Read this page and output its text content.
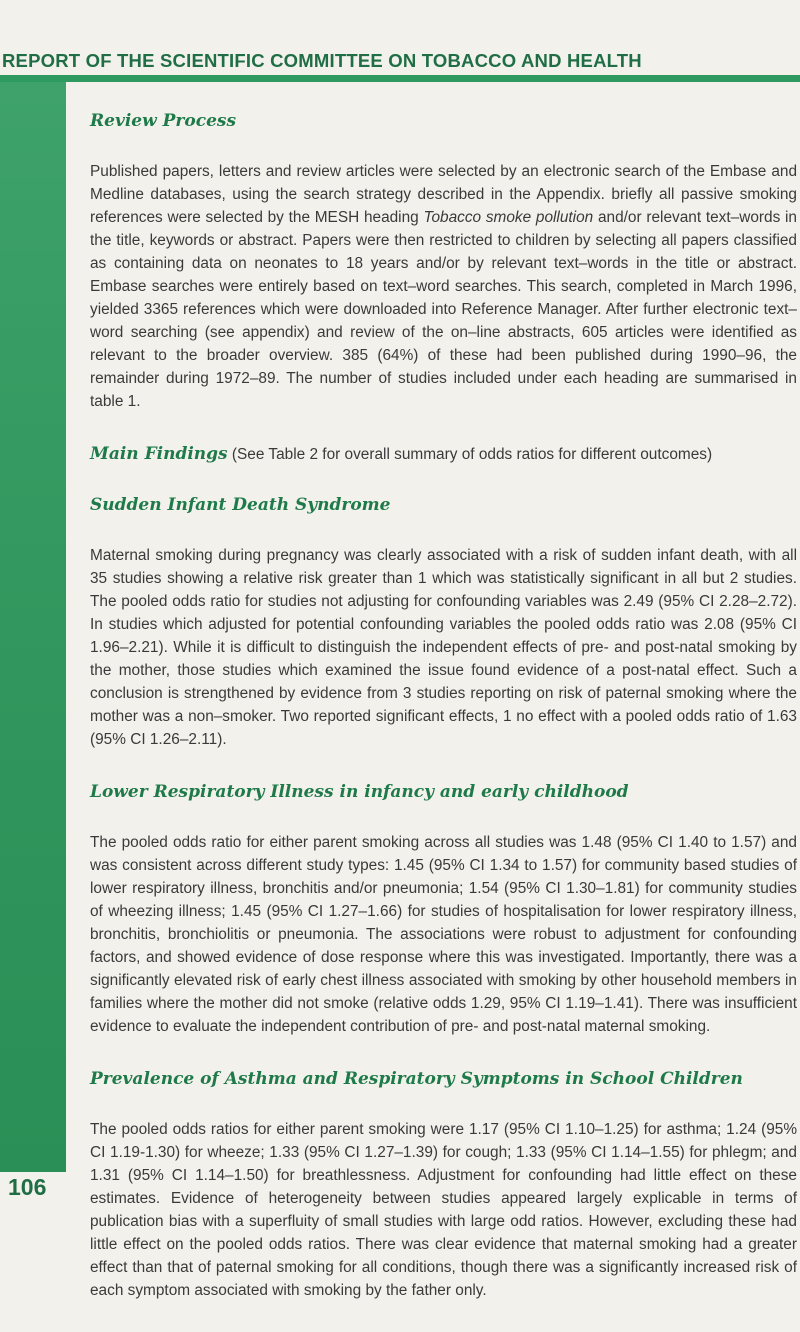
REPORT OF THE SCIENTIFIC COMMITTEE ON TOBACCO AND HEALTH
Review Process

Published papers, letters and review articles were selected by an electronic search of the Embase and Medline databases, using the search strategy described in the Appendix. briefly all passive smoking references were selected by the MESH heading Tobacco smoke pollution and/or relevant text–words in the title, keywords or abstract. Papers were then restricted to children by selecting all papers classified as containing data on neonates to 18 years and/or by relevant text–words in the title or abstract. Embase searches were entirely based on text–word searches. This search, completed in March 1996, yielded 3365 references which were downloaded into Reference Manager. After further electronic text–word searching (see appendix) and review of the on–line abstracts, 605 articles were identified as relevant to the broader overview. 385 (64%) of these had been published during 1990–96, the remainder during 1972–89. The number of studies included under each heading are summarised in table 1.

Main Findings (See Table 2 for overall summary of odds ratios for different outcomes)
Sudden Infant Death Syndrome

Maternal smoking during pregnancy was clearly associated with a risk of sudden infant death, with all 35 studies showing a relative risk greater than 1 which was statistically significant in all but 2 studies. The pooled odds ratio for studies not adjusting for confounding variables was 2.49 (95% CI 2.28–2.72). In studies which adjusted for potential confounding variables the pooled odds ratio was 2.08 (95% CI 1.96–2.21). While it is difficult to distinguish the independent effects of pre- and post-natal smoking by the mother, those studies which examined the issue found evidence of a post-natal effect. Such a conclusion is strengthened by evidence from 3 studies reporting on risk of paternal smoking where the mother was a non–smoker. Two reported significant effects, 1 no effect with a pooled odds ratio of 1.63 (95% CI 1.26–2.11).

Lower Respiratory Illness in infancy and early childhood

The pooled odds ratio for either parent smoking across all studies was 1.48 (95% CI 1.40 to 1.57) and was consistent across different study types: 1.45 (95% CI 1.34 to 1.57) for community based studies of lower respiratory illness, bronchitis and/or pneumonia; 1.54 (95% CI 1.30–1.81) for community studies of wheezing illness; 1.45 (95% CI 1.27–1.66) for studies of hospitalisation for lower respiratory illness, bronchitis, bronchiolitis or pneumonia. The associations were robust to adjustment for confounding factors, and showed evidence of dose response where this was investigated. Importantly, there was a significantly elevated risk of early chest illness associated with smoking by other household members in families where the mother did not smoke (relative odds 1.29, 95% CI 1.19–1.41). There was insufficient evidence to evaluate the independent contribution of pre- and post-natal maternal smoking.

Prevalence of Asthma and Respiratory Symptoms in School Children

The pooled odds ratios for either parent smoking were 1.17 (95% CI 1.10–1.25) for asthma; 1.24 (95% CI 1.19-1.30) for wheeze; 1.33 (95% CI 1.27–1.39) for cough; 1.33 (95% CI 1.14–1.55) for phlegm; and 1.31 (95% CI 1.14–1.50) for breathlessness. Adjustment for confounding had little effect on these estimates. Evidence of heterogeneity between studies appeared largely explicable in terms of publication bias with a superfluity of small studies with large odd ratios. However, excluding these had little effect on the pooled odds ratios. There was clear evidence that maternal smoking had a greater effect than that of paternal smoking for all conditions, though there was a significantly increased risk of each symptom associated with smoking by the father only.

106
